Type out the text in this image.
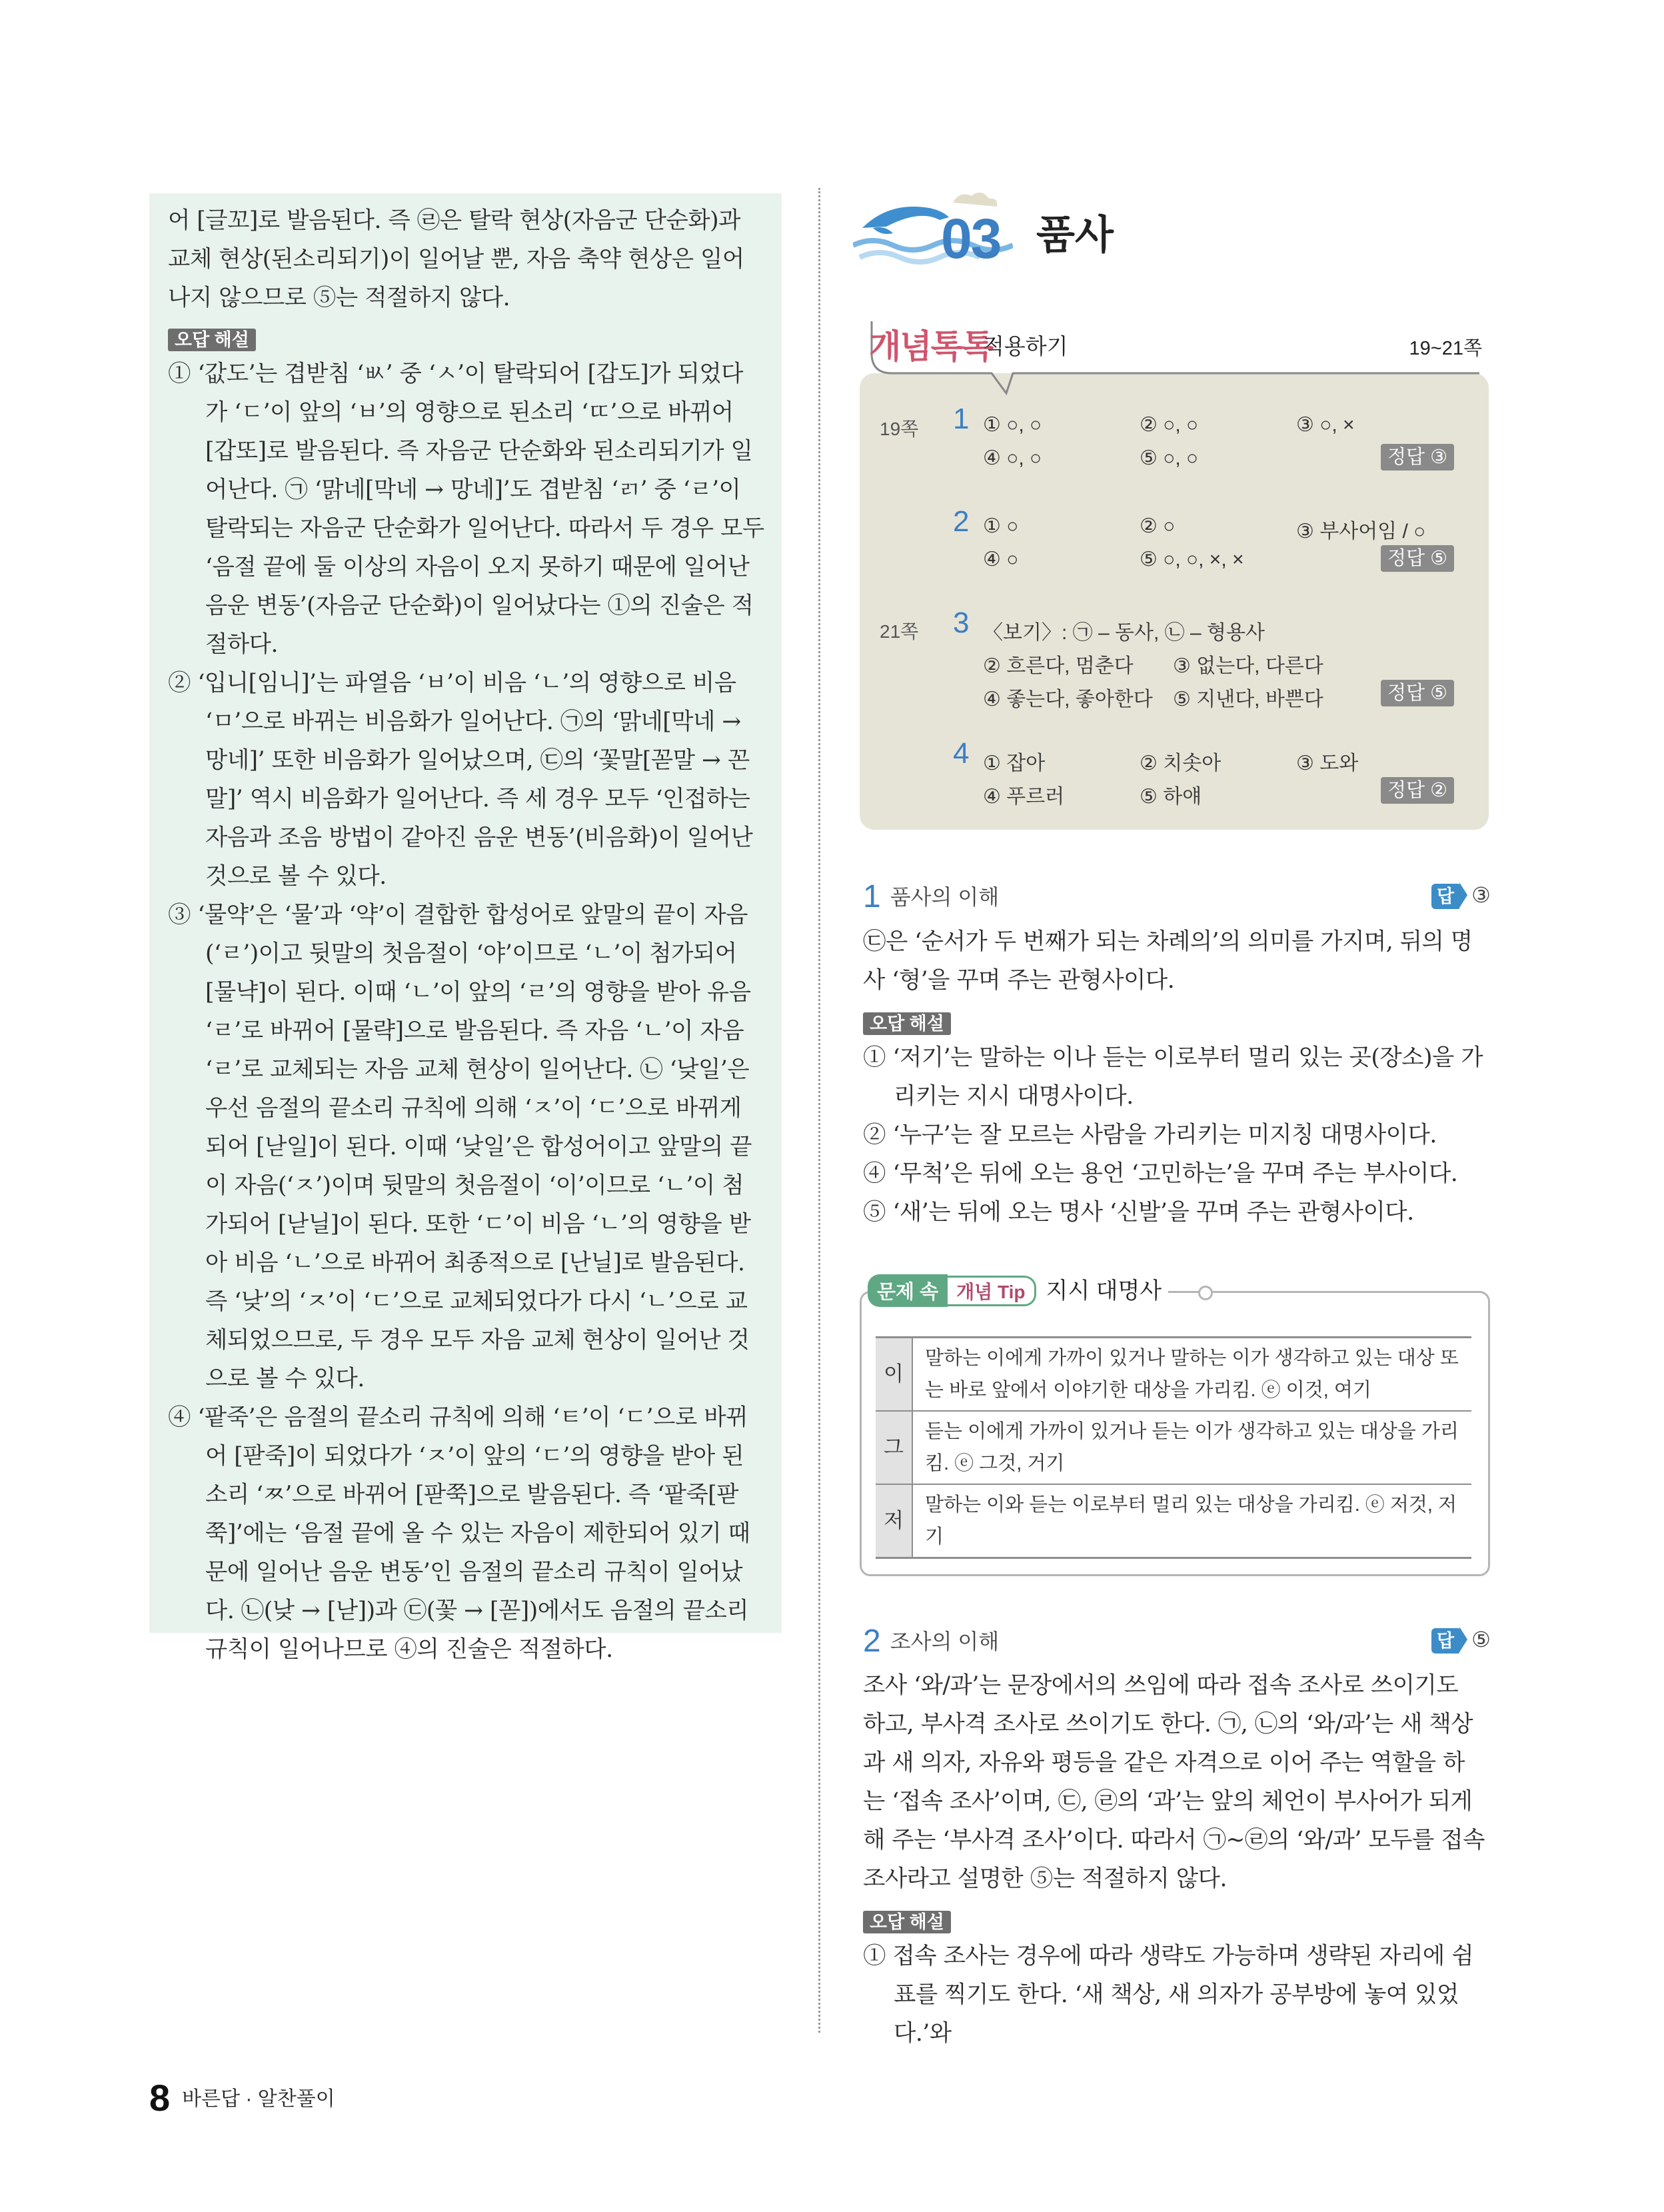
어 [글꼬]로 발음된다. 즉 ㉣은 탈락 현상(자음군 단순화)과 교체 현상(된소리되기)이 일어날 뿐, 자음 축약 현상은 일어나지 않으므로 ⑤는 적절하지 않다.

오답 해설

① ‘값도’는 겹받침 ‘ㅄ’ 중 ‘ㅅ’이 탈락되어 [갑도]가 되었다가 ‘ㄷ’이 앞의 ‘ㅂ’의 영향으로 된소리 ‘ㄸ’으로 바뀌어 [갑또]로 발음된다. 즉 자음군 단순화와 된소리되기가 일어난다. ㉠ ‘맑네[막네 → 망네]’도 겹받침 ‘ㄺ’ 중 ‘ㄹ’이 탈락되는 자음군 단순화가 일어난다. 따라서 두 경우 모두 ‘음절 끝에 둘 이상의 자음이 오지 못하기 때문에 일어난 음운 변동’(자음군 단순화)이 일어났다는 ①의 진술은 적절하다.

② ‘입니[임니]’는 파열음 ‘ㅂ’이 비음 ‘ㄴ’의 영향으로 비음 ‘ㅁ’으로 바뀌는 비음화가 일어난다. ㉠의 ‘맑네[막네 → 망네]’ 또한 비음화가 일어났으며, ㉢의 ‘꽃말[꼳말 → 꼰말]’ 역시 비음화가 일어난다. 즉 세 경우 모두 ‘인접하는 자음과 조음 방법이 같아진 음운 변동’(비음화)이 일어난 것으로 볼 수 있다.

③ ‘물약’은 ‘물’과 ‘약’이 결합한 합성어로 앞말의 끝이 자음(‘ㄹ’)이고 뒷말의 첫음절이 ‘야’이므로 ‘ㄴ’이 첨가되어 [물냑]이 된다. 이때 ‘ㄴ’이 앞의 ‘ㄹ’의 영향을 받아 유음 ‘ㄹ’로 바뀌어 [물략]으로 발음된다. 즉 자음 ‘ㄴ’이 자음 ‘ㄹ’로 교체되는 자음 교체 현상이 일어난다. ㉡ ‘낮일’은 우선 음절의 끝소리 규칙에 의해 ‘ㅈ’이 ‘ㄷ’으로 바뀌게 되어 [낟일]이 된다. 이때 ‘낮일’은 합성어이고 앞말의 끝이 자음(‘ㅈ’)이며 뒷말의 첫음절이 ‘이’이므로 ‘ㄴ’이 첨가되어 [낟닐]이 된다. 또한 ‘ㄷ’이 비음 ‘ㄴ’의 영향을 받아 비음 ‘ㄴ’으로 바뀌어 최종적으로 [난닐]로 발음된다. 즉 ‘낮’의 ‘ㅈ’이 ‘ㄷ’으로 교체되었다가 다시 ‘ㄴ’으로 교체되었으므로, 두 경우 모두 자음 교체 현상이 일어난 것으로 볼 수 있다.

④ ‘팥죽’은 음절의 끝소리 규칙에 의해 ‘ㅌ’이 ‘ㄷ’으로 바뀌어 [팓죽]이 되었다가 ‘ㅈ’이 앞의 ‘ㄷ’의 영향을 받아 된소리 ‘ㅉ’으로 바뀌어 [팓쭉]으로 발음된다. 즉 ‘팥죽[팓쭉]’에는 ‘음절 끝에 올 수 있는 자음이 제한되어 있기 때문에 일어난 음운 변동’인 음절의 끝소리 규칙이 일어났다. ㉡(낮 → [낟])과 ㉢(꽃 → [꼳])에서도 음절의 끝소리 규칙이 일어나므로 ④의 진술은 적절하다.

03 품사
개념톡톡
적용하기	19~21쪽
19쪽 1 ① ○, ○	② ○, ○	③ ○, ×
④ ○, ○	⑤ ○, ○	정답 ③
2 ① ○	② ○	③ 부사어임 / ○
④ ○	⑤ ○, ○, ×, ×	정답 ⑤
21쪽 3 〈보기〉: ㉠ – 동사, ㉡ – 형용사
② 흐른다, 멈춘다 ③ 없는다, 다른다
④ 좋는다, 좋아한다 ⑤ 지낸다, 바쁜다	정답 ⑤
4 ① 잡아	② 치솟아	③ 도와
④ 푸르러	⑤ 하얘	정답 ②
1 품사의 이해	답 ③

㉢은 ‘순서가 두 번째가 되는 차례의’의 의미를 가지며, 뒤의 명사 ‘형’을 꾸며 주는 관형사이다.

오답 해설

① ‘저기’는 말하는 이나 듣는 이로부터 멀리 있는 곳(장소)을 가리키는 지시 대명사이다.

② ‘누구’는 잘 모르는 사람을 가리키는 미지칭 대명사이다.

④ ‘무척’은 뒤에 오는 용언 ‘고민하는’을 꾸며 주는 부사이다.

⑤ ‘새’는 뒤에 오는 명사 ‘신발’을 꾸며 주는 관형사이다.

문제 속 개념 Tip 지시 대명사
이	말하는 이에게 가까이 있거나 말하는 이가 생각하고 있는 대상 또는 바로 앞에서 이야기한 대상을 가리킴. ⓔ 이것, 여기
그	듣는 이에게 가까이 있거나 듣는 이가 생각하고 있는 대상을 가리킴. ⓔ 그것, 거기
저	말하는 이와 듣는 이로부터 멀리 있는 대상을 가리킴. ⓔ 저것, 저기
2 조사의 이해	답 ⑤

조사 ‘와/과’는 문장에서의 쓰임에 따라 접속 조사로 쓰이기도 하고, 부사격 조사로 쓰이기도 한다. ㉠, ㉡의 ‘와/과’는 새 책상과 새 의자, 자유와 평등을 같은 자격으로 이어 주는 역할을 하는 ‘접속 조사’이며, ㉢, ㉣의 ‘과’는 앞의 체언이 부사어가 되게 해 주는 ‘부사격 조사’이다. 따라서 ㉠~㉣의 ‘와/과’ 모두를 접속 조사라고 설명한 ⑤는 적절하지 않다.

오답 해설

① 접속 조사는 경우에 따라 생략도 가능하며 생략된 자리에 쉼표를 찍기도 한다. ‘새 책상, 새 의자가 공부방에 놓여 있었다.’와

8 바른답 · 알찬풀이
